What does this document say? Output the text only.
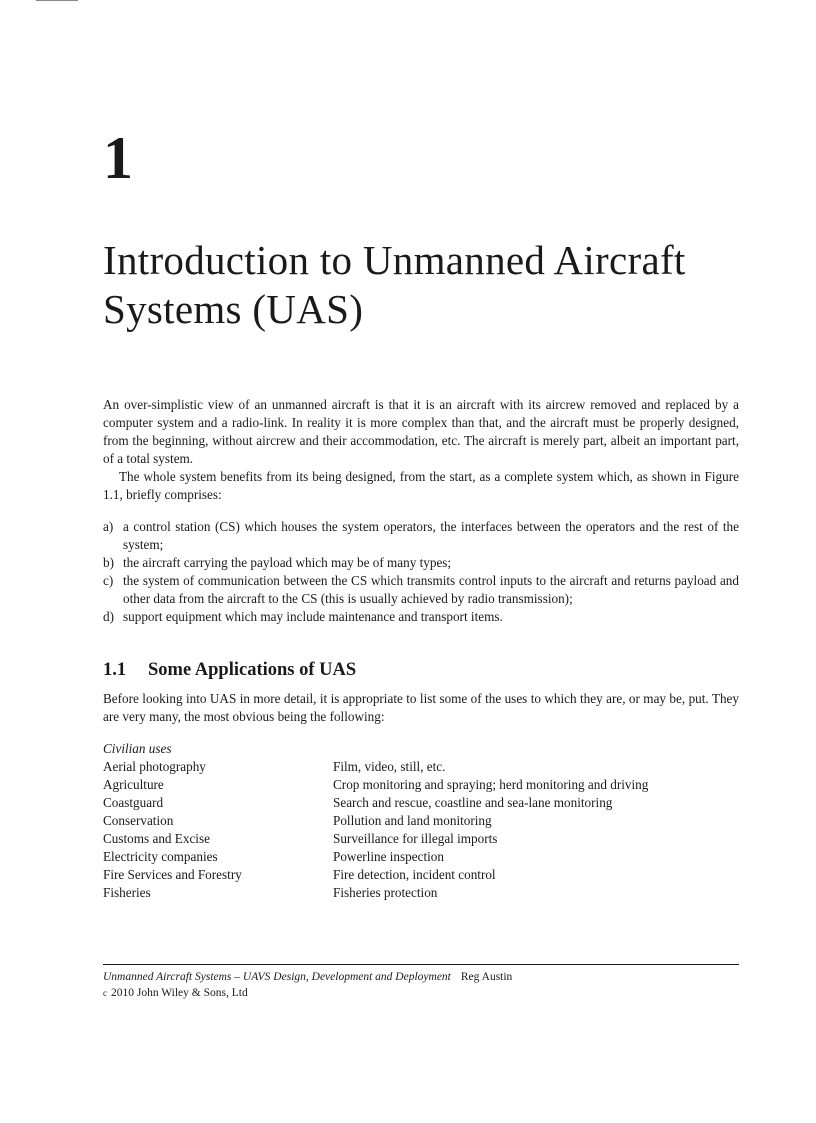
1
Introduction to Unmanned Aircraft Systems (UAS)

An over-simplistic view of an unmanned aircraft is that it is an aircraft with its aircrew removed and replaced by a computer system and a radio-link. In reality it is more complex than that, and the aircraft must be properly designed, from the beginning, without aircrew and their accommodation, etc. The aircraft is merely part, albeit an important part, of a total system.

The whole system benefits from its being designed, from the start, as a complete system which, as shown in Figure 1.1, briefly comprises:

a) a control station (CS) which houses the system operators, the interfaces between the operators and the rest of the system;
b) the aircraft carrying the payload which may be of many types;
c) the system of communication between the CS which transmits control inputs to the aircraft and returns payload and other data from the aircraft to the CS (this is usually achieved by radio transmission);
d) support equipment which may include maintenance and transport items.
1.1 Some Applications of UAS

Before looking into UAS in more detail, it is appropriate to list some of the uses to which they are, or may be, put. They are very many, the most obvious being the following:

Civilian uses
Aerial photography	Film, video, still, etc.
Agriculture	Crop monitoring and spraying; herd monitoring and driving
Coastguard	Search and rescue, coastline and sea-lane monitoring
Conservation	Pollution and land monitoring
Customs and Excise	Surveillance for illegal imports
Electricity companies	Powerline inspection
Fire Services and Forestry	Fire detection, incident control
Fisheries	Fisheries protection
Unmanned Aircraft Systems – UAVS Design, Development and Deployment Reg Austin
c 2010 John Wiley & Sons, Ltd
